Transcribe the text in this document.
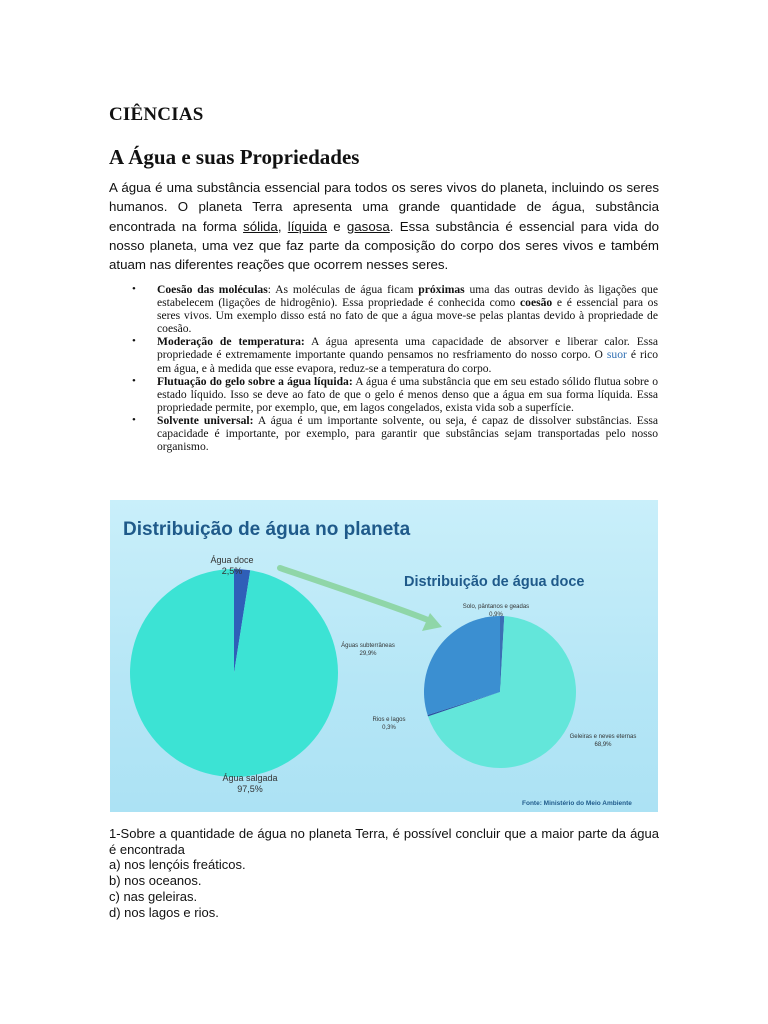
CIÊNCIAS
A Água e suas Propriedades

A água é uma substância essencial para todos os seres vivos do planeta, incluindo os seres humanos. O planeta Terra apresenta uma grande quantidade de água, substância encontrada na forma sólida, líquida e gasosa. Essa substância é essencial para vida do nosso planeta, uma vez que faz parte da composição do corpo dos seres vivos e também atuam nas diferentes reações que ocorrem nesses seres.

• Coesão das moléculas: As moléculas de água ficam próximas uma das outras devido às ligações que estabelecem (ligações de hidrogênio). Essa propriedade é conhecida como coesão e é essencial para os seres vivos. Um exemplo disso está no fato de que a água move-se pelas plantas devido à propriedade de coesão.
• Moderação de temperatura: A água apresenta uma capacidade de absorver e liberar calor. Essa propriedade é extremamente importante quando pensamos no resfriamento do nosso corpo. O suor é rico em água, e à medida que esse evapora, reduz-se a temperatura do corpo.
• Flutuação do gelo sobre a água líquida: A água é uma substância que em seu estado sólido flutua sobre o estado líquido. Isso se deve ao fato de que o gelo é menos denso que a água em sua forma líquida. Essa propriedade permite, por exemplo, que, em lagos congelados, exista vida sob a superfície.
• Solvente universal: A água é um importante solvente, ou seja, é capaz de dissolver substâncias. Essa capacidade é importante, por exemplo, para garantir que substâncias sejam transportadas pelo nosso organismo.
Distribuição de água no planeta
Distribuição de água doce
Água doce
2,5%
Água salgada
97,5%
Solo, pântanos e geadas
0,9%
Águas subterrâneas
29,9%
Rios e lagos
0,3%
Geleiras e neves eternas
68,9%
Fonte: Ministério do Meio Ambiente
1-Sobre a quantidade de água no planeta Terra, é possível concluir que a maior parte da água é encontrada
a) nos lençóis freáticos.
b) nos oceanos.
c) nas geleiras.
d) nos lagos e rios.
